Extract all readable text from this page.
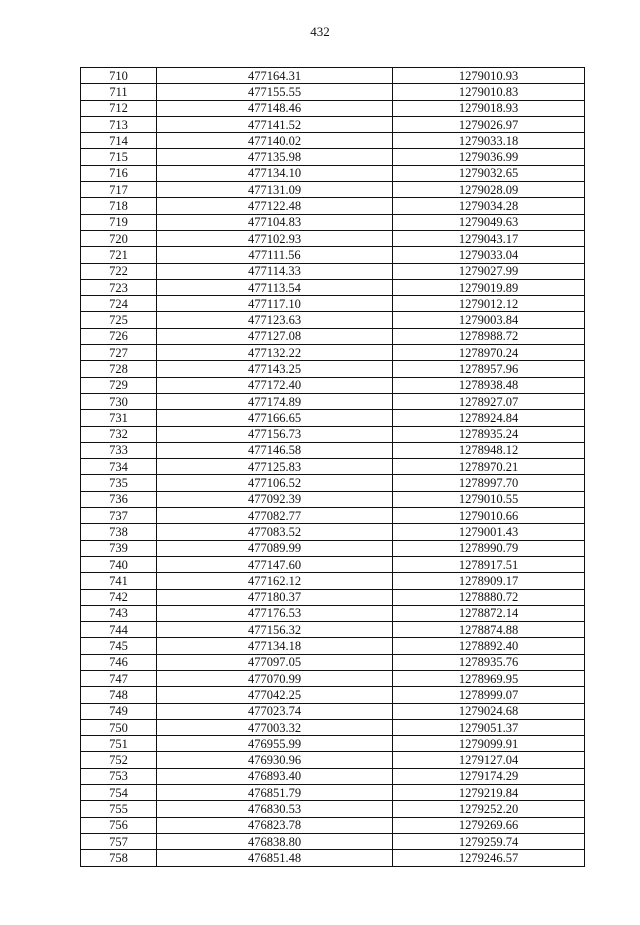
432
710	477164.31	1279010.93
711	477155.55	1279010.83
712	477148.46	1279018.93
713	477141.52	1279026.97
714	477140.02	1279033.18
715	477135.98	1279036.99
716	477134.10	1279032.65
717	477131.09	1279028.09
718	477122.48	1279034.28
719	477104.83	1279049.63
720	477102.93	1279043.17
721	477111.56	1279033.04
722	477114.33	1279027.99
723	477113.54	1279019.89
724	477117.10	1279012.12
725	477123.63	1279003.84
726	477127.08	1278988.72
727	477132.22	1278970.24
728	477143.25	1278957.96
729	477172.40	1278938.48
730	477174.89	1278927.07
731	477166.65	1278924.84
732	477156.73	1278935.24
733	477146.58	1278948.12
734	477125.83	1278970.21
735	477106.52	1278997.70
736	477092.39	1279010.55
737	477082.77	1279010.66
738	477083.52	1279001.43
739	477089.99	1278990.79
740	477147.60	1278917.51
741	477162.12	1278909.17
742	477180.37	1278880.72
743	477176.53	1278872.14
744	477156.32	1278874.88
745	477134.18	1278892.40
746	477097.05	1278935.76
747	477070.99	1278969.95
748	477042.25	1278999.07
749	477023.74	1279024.68
750	477003.32	1279051.37
751	476955.99	1279099.91
752	476930.96	1279127.04
753	476893.40	1279174.29
754	476851.79	1279219.84
755	476830.53	1279252.20
756	476823.78	1279269.66
757	476838.80	1279259.74
758	476851.48	1279246.57
